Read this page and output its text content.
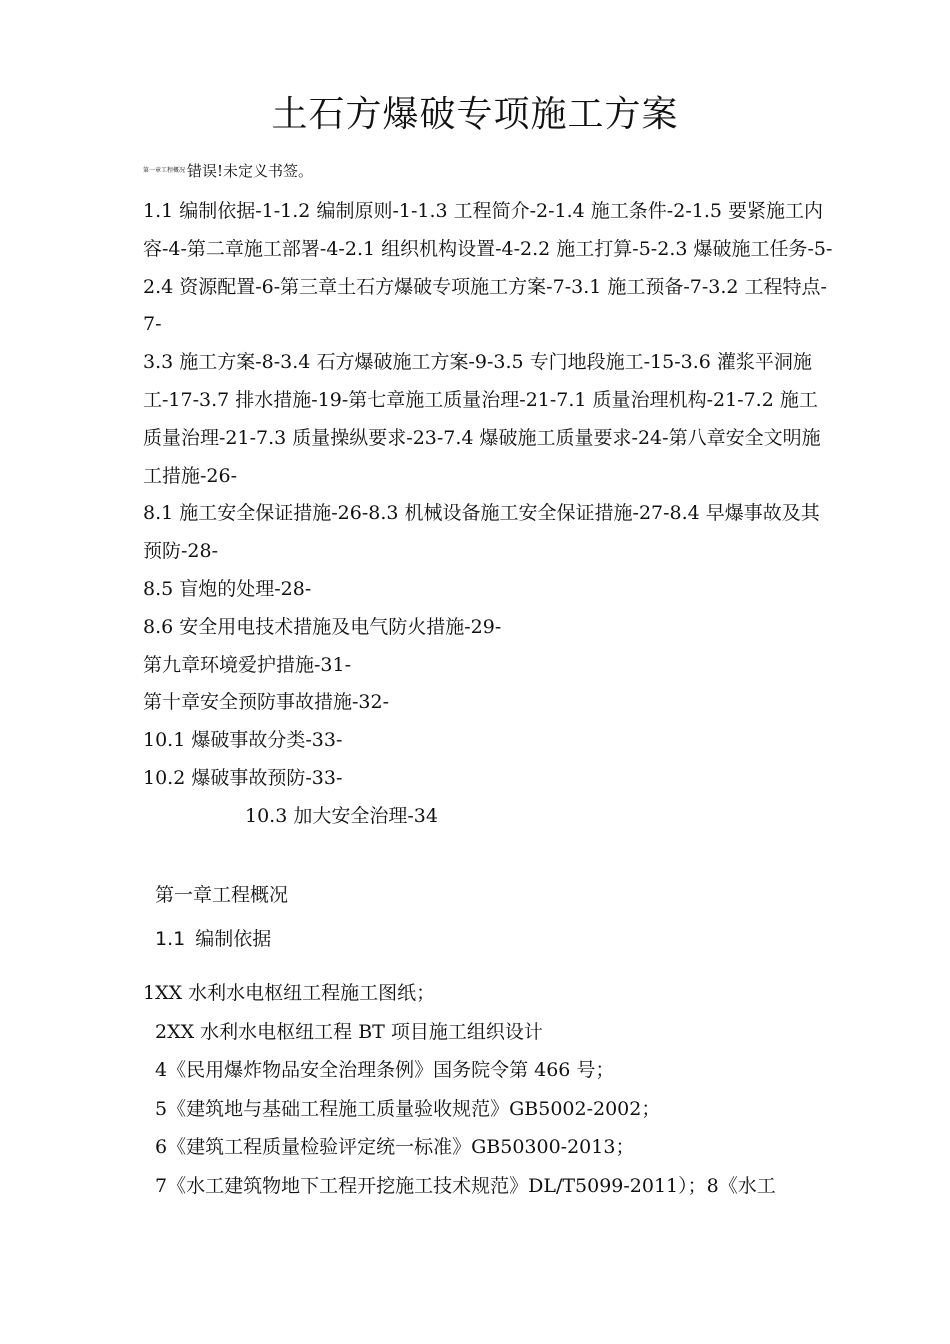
土石方爆破专项施工方案
$^{第一章工程概况}$ 错误!未定义书签。

1.1 编制依据-1-1.2 编制原则-1-1.3 工程简介-2-1.4 施工条件-2-1.5 要紧施工内容-4-第二章施工部署-4-2.1 组织机构设置-4-2.2 施工打算-5-2.3 爆破施工任务-5-2.4 资源配置-6-第三章土石方爆破专项施工方案-7-3.1 施工预备-7-3.2 工程特点-7-

3.3 施工方案-8-3.4 石方爆破施工方案-9-3.5 专门地段施工-15-3.6 灌浆平洞施工-17-3.7 排水措施-19-第七章施工质量治理-21-7.1 质量治理机构-21-7.2 施工质量治理-21-7.3 质量操纵要求-23-7.4 爆破施工质量要求-24-第八章安全文明施工措施-26-

8.1 施工安全保证措施-26-8.3 机械设备施工安全保证措施-27-8.4 早爆事故及其预防-28-

8.5 盲炮的处理-28-

8.6 安全用电技术措施及电气防火措施-29-

第九章环境爱护措施-31-

第十章安全预防事故措施-32-

10.1 爆破事故分类-33-

10.2 爆破事故预防-33-

10.3 加大安全治理-34

第一章工程概况
1.1 编制依据

1XX 水利水电枢纽工程施工图纸；

2XX 水利水电枢纽工程 BT 项目施工组织设计

4《民用爆炸物品安全治理条例》国务院令第 466 号；

5《建筑地与基础工程施工质量验收规范》GB5002-2002；

6《建筑工程质量检验评定统一标准》GB50300-2013；

7《水工建筑物地下工程开挖施工技术规范》DL/T5099-2011）；8《水工
